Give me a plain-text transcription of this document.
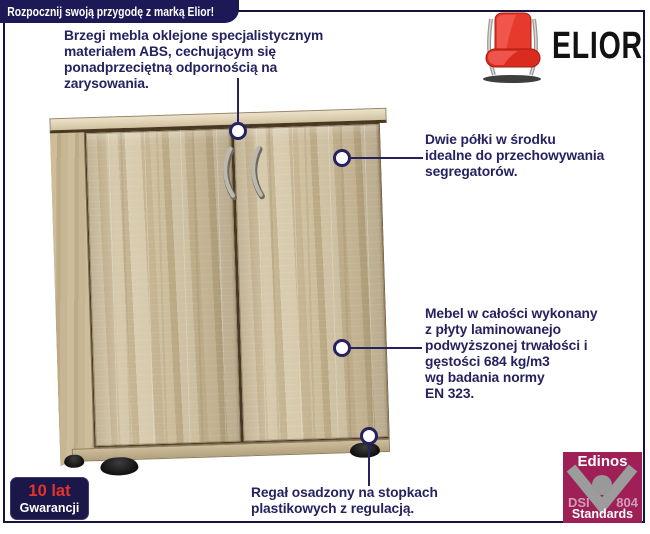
Rozpocznij swoją przygodę z marką Elior!
ELIOR
Brzegi mebla oklejone specjalistycznym
materiałem ABS, cechującym się
ponadprzeciętną odpornością na
zarysowania.
Dwie półki w środku
idealne do przechowywania
segregatorów.
Mebel w całości wykonany
z płyty laminowanejo
podwyższonej trwałości i
gęstości 684 kg/m3
wg badania normy
EN 323.
Regał osadzony na stopkach
plastikowych z regulacją.
10 lat
Gwarancji
Edinos
DSI 804
Standards
